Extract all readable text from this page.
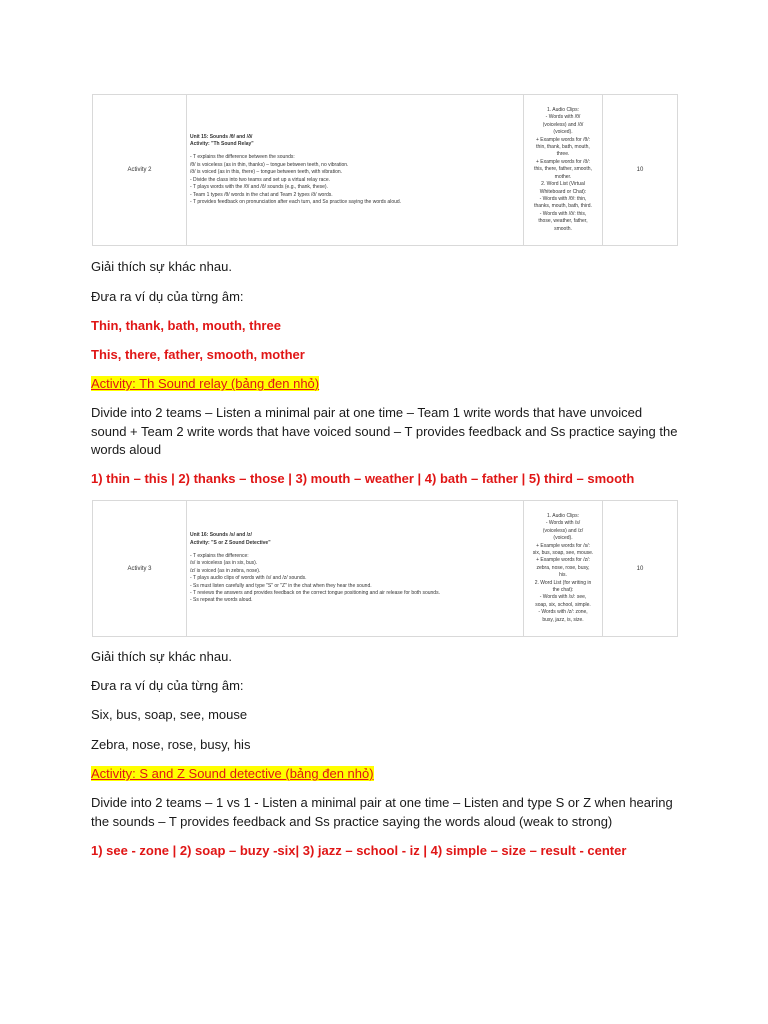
Activity 2
Unit 15: Sounds /θ/ and /ð/
Activity: "Th Sound Relay"
- T explains the difference between the sounds:
/θ/ is voiceless (as in thin, thanks) – tongue between teeth, no vibration.
/ð/ is voiced (as in this, there) – tongue between teeth, with vibration.
- Divide the class into two teams and set up a virtual relay race.
- T plays words with the /θ/ and /ð/ sounds (e.g., thank, these).
- Team 1 types /θ/ words in the chat and Team 2 types /ð/ words.
- T provides feedback on pronunciation after each turn, and Ss practice saying the words aloud.
1. Audio Clips:
- Words with /θ/
(voiceless) and /ð/
(voiced).
+ Example words for /θ/:
thin, thank, bath, mouth,
three.
+ Example words for /ð/:
this, there, father, smooth,
mother.
2. Word List (Virtual
Whiteboard or Chat):
- Words with /θ/: thin,
thanks, mouth, bath, third.
- Words with /ð/: this,
those, weather, father,
smooth.
10

Giải thích sự khác nhau.

Đưa ra ví dụ của từng âm:

Thin, thank, bath, mouth, three

This, there, father, smooth, mother

Activity: Th Sound relay (bảng đen nhỏ)

Divide into 2 teams – Listen a minimal pair at one time – Team 1 write words that have unvoiced sound + Team 2 write words that have voiced sound – T provides feedback and Ss practice saying the words aloud

1) thin – this | 2) thanks – those | 3) mouth – weather | 4) bath – father | 5) third – smooth

Activity 3
Unit 16: Sounds /s/ and /z/
Activity: "S or Z Sound Detective"
- T explains the difference:
/s/ is voiceless (as in six, bus).
/z/ is voiced (as in zebra, nose).
- T plays audio clips of words with /s/ and /z/ sounds.
- Ss must listen carefully and type "S" or "Z" in the chat when they hear the sound.
- T reviews the answers and provides feedback on the correct tongue positioning and air release for both sounds.
- Ss repeat the words aloud.
1. Audio Clips:
- Words with /s/
(voiceless) and /z/
(voiced).
+ Example words for /s/:
six, bus, soap, see, mouse.
+ Example words for /z/:
zebra, nose, rose, busy,
his.
2. Word List (for writing in
the chat):
- Words with /s/: see,
soap, six, school, simple.
- Words with /z/: zone,
busy, jazz, is, size.
10

Giải thích sự khác nhau.

Đưa ra ví dụ của từng âm:

Six, bus, soap, see, mouse

Zebra, nose, rose, busy, his

Activity: S and Z Sound detective (bảng đen nhỏ)

Divide into 2 teams – 1 vs 1 - Listen a minimal pair at one time – Listen and type S or Z when hearing the sounds – T provides feedback and Ss practice saying the words aloud (weak to strong)

1) see - zone | 2) soap – buzy -six| 3) jazz – school - iz | 4) simple – size – result - center
